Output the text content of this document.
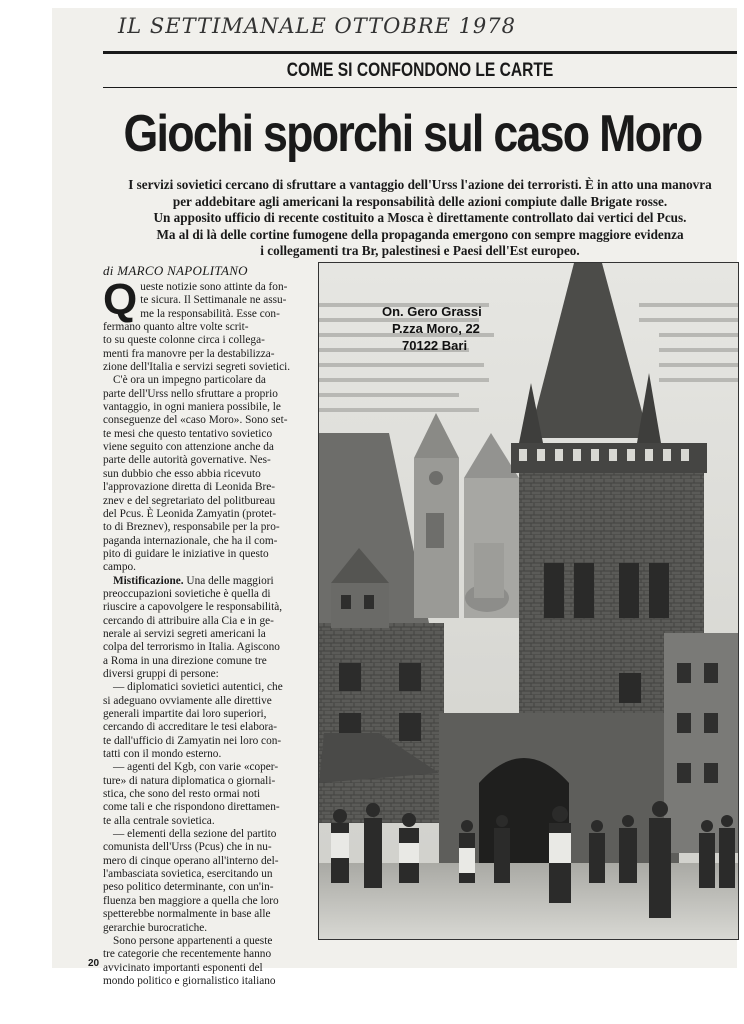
IL SETTIMANALE OTTOBRE 1978
COME SI CONFONDONO LE CARTE
Giochi sporchi sul caso Moro
I servizi sovietici cercano di sfruttare a vantaggio dell'Urss l'azione dei terroristi. È in atto una manovra
per addebitare agli americani la responsabilità delle azioni compiute dalle Brigate rosse.
Un apposito ufficio di recente costituito a Mosca è direttamente controllato dai vertici del Pcus.
Ma al di là delle cortine fumogene della propaganda emergono con sempre maggiore evidenza
i collegamenti tra Br, palestinesi e Paesi dell'Est europeo.
di MARCO NAPOLITANO

Q ueste notizie sono attinte da fon-
te sicura. Il Settimanale ne assu-
me la responsabilità. Esse con-
fermano quanto altre volte scrit-
to su queste colonne circa i collega-
menti fra manovre per la destabilizza-
zione dell'Italia e servizi segreti sovietici.

C'è ora un impegno particolare da
parte dell'Urss nello sfruttare a proprio
vantaggio, in ogni maniera possibile, le
conseguenze del «caso Moro». Sono set-
te mesi che questo tentativo sovietico
viene seguito con attenzione anche da
parte delle autorità governative. Nes-
sun dubbio che esso abbia ricevuto
l'approvazione diretta di Leonida Bre-
znev e del segretariato del politbureau
del Pcus. È Leonida Zamyatin (protet-
to di Breznev), responsabile per la pro-
paganda internazionale, che ha il com-
pito di guidare le iniziative in questo
campo.

Mistificazione. Una delle maggiori
preoccupazioni sovietiche è quella di
riuscire a capovolgere le responsabilità,
cercando di attribuire alla Cia e in ge-
nerale ai servizi segreti americani la
colpa del terrorismo in Italia. Agiscono
a Roma in una direzione comune tre
diversi gruppi di persone:

— diplomatici sovietici autentici, che
si adeguano ovviamente alle direttive
generali impartite dai loro superiori,
cercando di accreditare le tesi elabora-
te dall'ufficio di Zamyatin nei loro con-
tatti con il mondo esterno.

— agenti del Kgb, con varie «coper-
ture» di natura diplomatica o giornali-
stica, che sono del resto ormai noti
come tali e che rispondono direttamen-
te alla centrale sovietica.

— elementi della sezione del partito
comunista dell'Urss (Pcus) che in nu-
mero di cinque operano all'interno del-
l'ambasciata sovietica, esercitando un
peso politico determinante, con un'in-
fluenza ben maggiore a quella che loro
spetterebbe normalmente in base alle
gerarchie burocratiche.

Sono persone appartenenti a queste
tre categorie che recentemente hanno
avvicinato importanti esponenti del
mondo politico e giornalistico italiano

On. Gero Grassi
P.zza Moro, 22
70122 Bari
20
